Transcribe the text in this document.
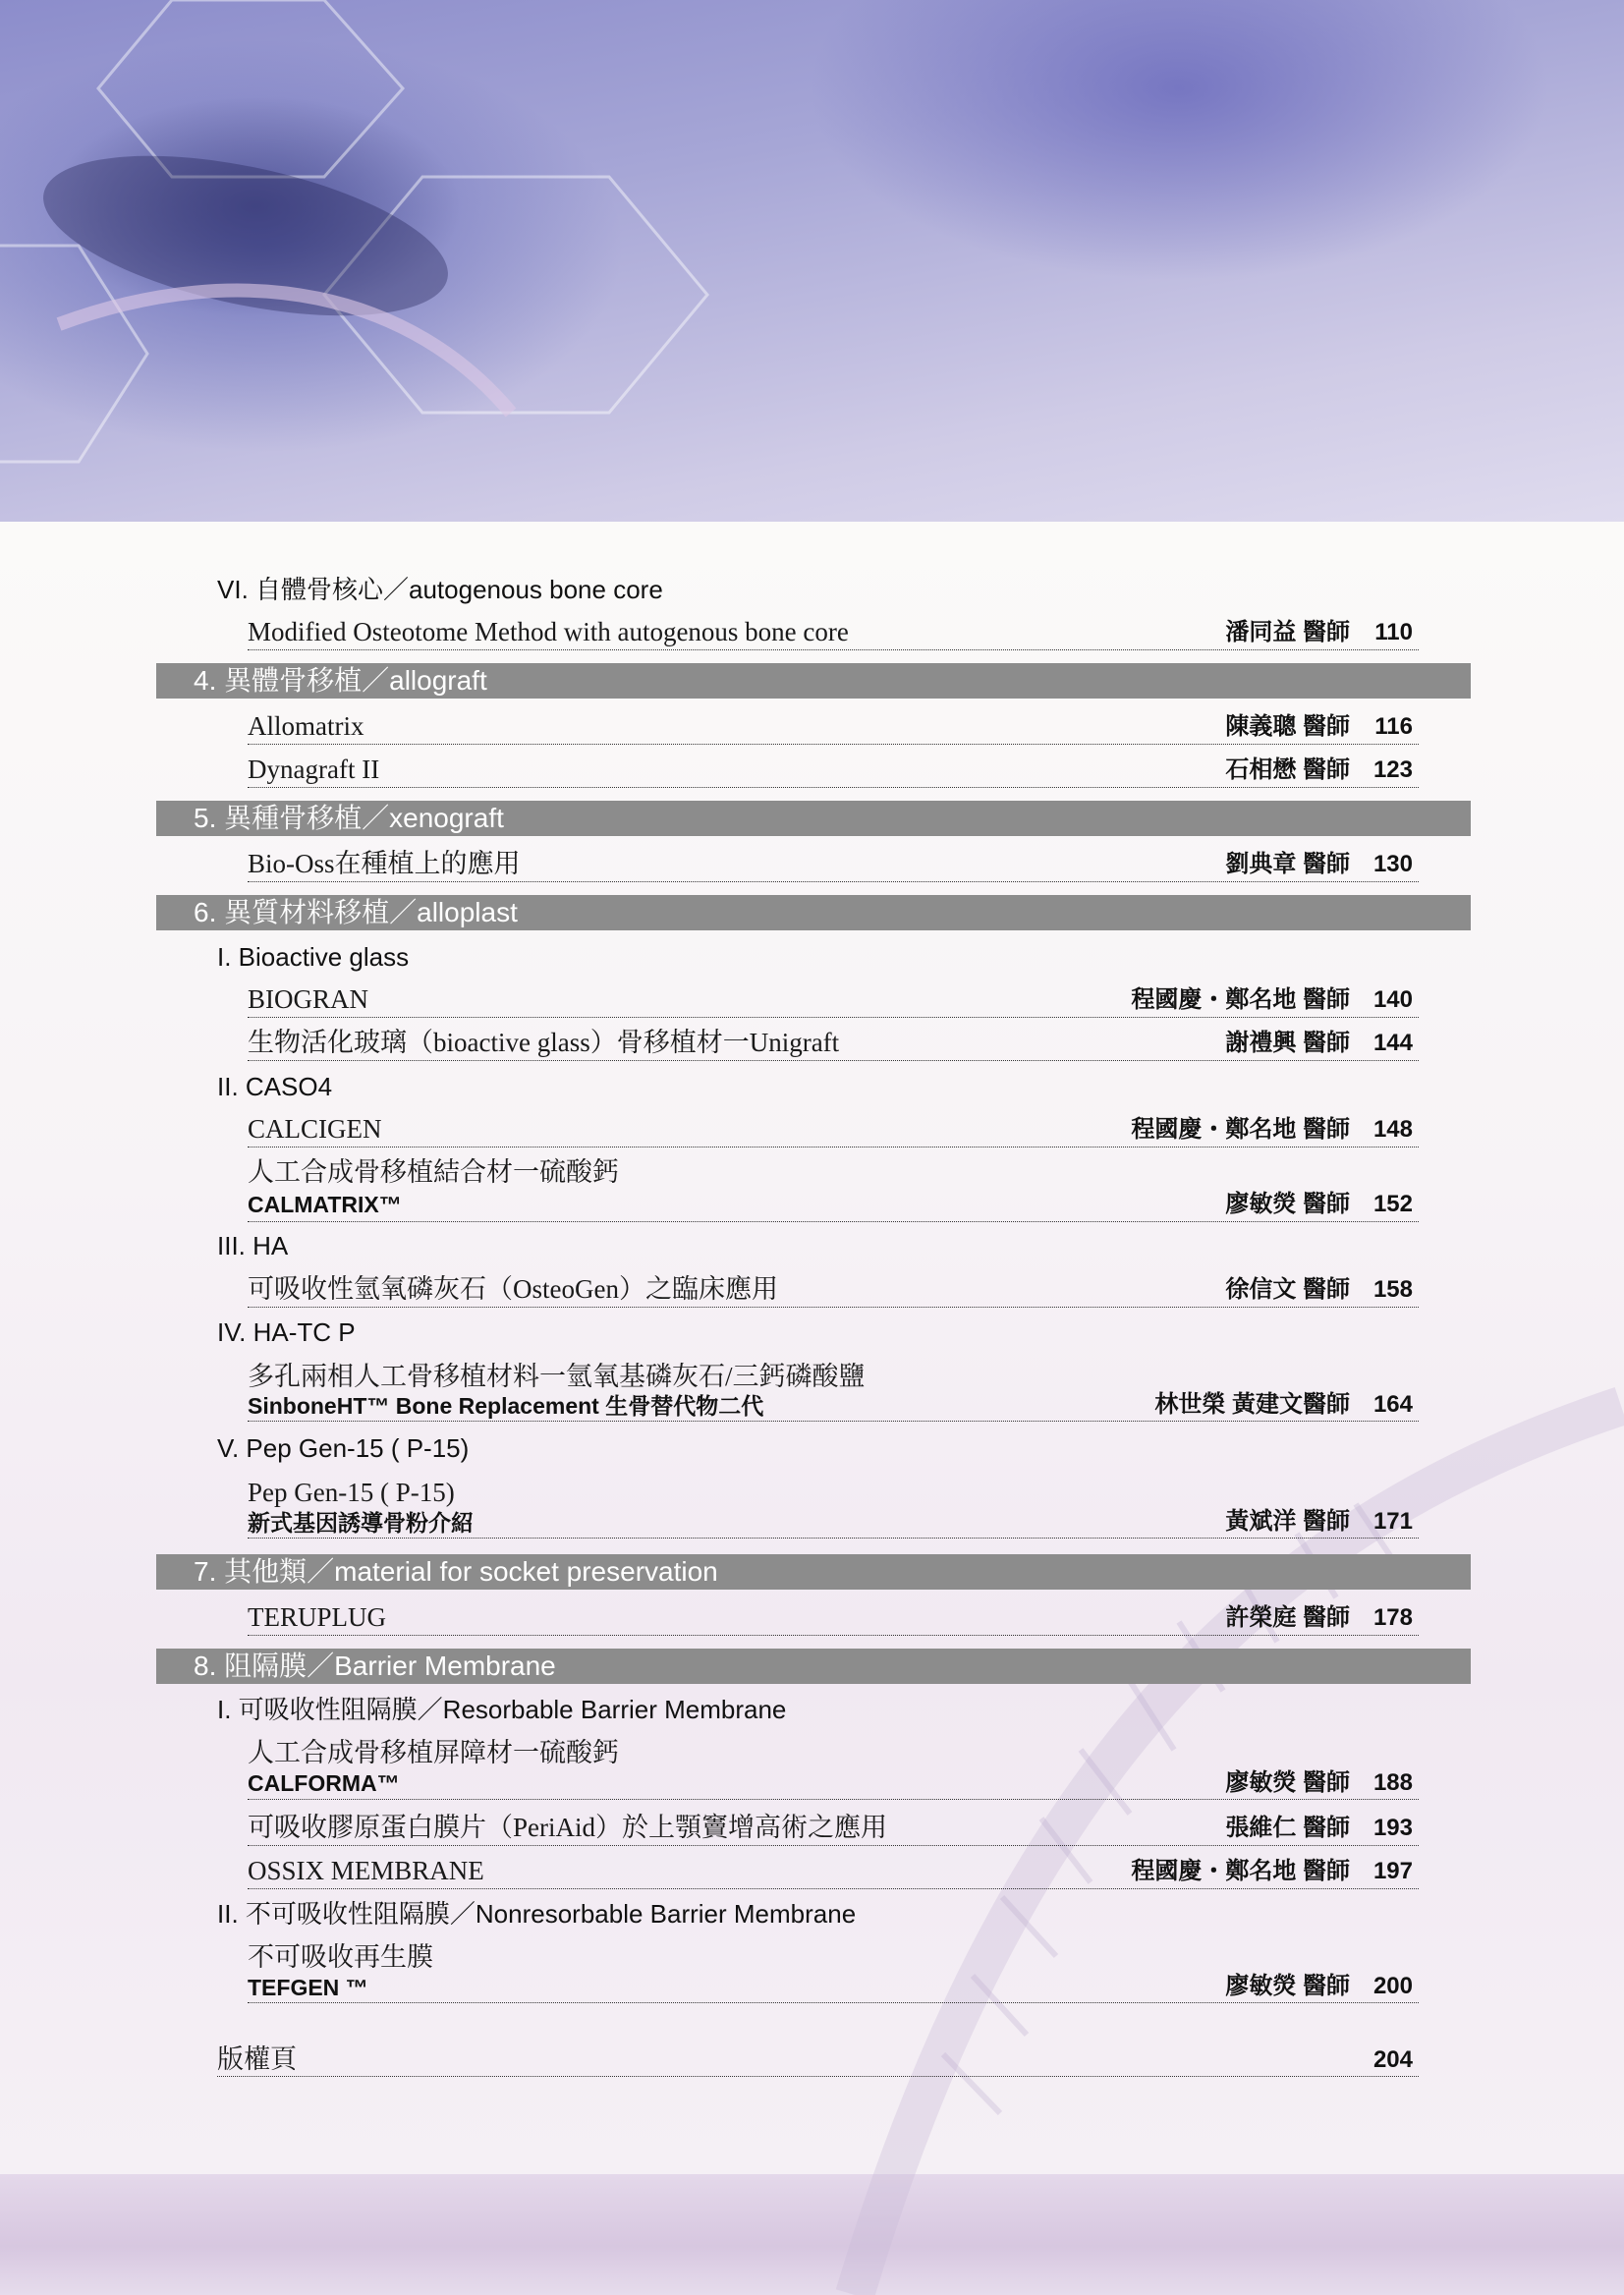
VI. 自體骨核心／autogenous bone core
Modified Osteotome Method with autogenous bone core	潘同益 醫師 110
4. 異體骨移植／allograft
Allomatrix	陳義聰 醫師 116
Dynagraft II	石相懋 醫師 123
5. 異種骨移植／xenograft
Bio-Oss在種植上的應用	劉典章 醫師 130
6. 異質材料移植／alloplast
I. Bioactive glass
BIOGRAN	程國慶・鄭名地 醫師 140
生物活化玻璃（bioactive glass）骨移植材一Unigraft	謝禮興 醫師 144
II. CASO4
CALCIGEN	程國慶・鄭名地 醫師 148
人工合成骨移植結合材一硫酸鈣
CALMATRIX™	廖敏熒 醫師 152
III. HA
可吸收性氫氧磷灰石（OsteoGen）之臨床應用	徐信文 醫師 158
IV. HA-TC P
多孔兩相人工骨移植材料一氫氧基磷灰石/三鈣磷酸鹽
SinboneHT™ Bone Replacement 生骨替代物二代	林世榮 黃建文醫師 164
V. Pep Gen-15 ( P-15)
Pep Gen-15 ( P-15)
新式基因誘導骨粉介紹	黃斌洋 醫師 171
7. 其他類／material for socket preservation
TERUPLUG	許榮庭 醫師 178
8. 阻隔膜／Barrier Membrane
I. 可吸收性阻隔膜／Resorbable Barrier Membrane
人工合成骨移植屏障材一硫酸鈣
CALFORMA™	廖敏熒 醫師 188
可吸收膠原蛋白膜片（PeriAid）於上顎竇增高術之應用	張維仁 醫師 193
OSSIX MEMBRANE	程國慶・鄭名地 醫師 197
II. 不可吸收性阻隔膜／Nonresorbable Barrier Membrane
不可吸收再生膜
TEFGEN ™	廖敏熒 醫師 200
版權頁	204
